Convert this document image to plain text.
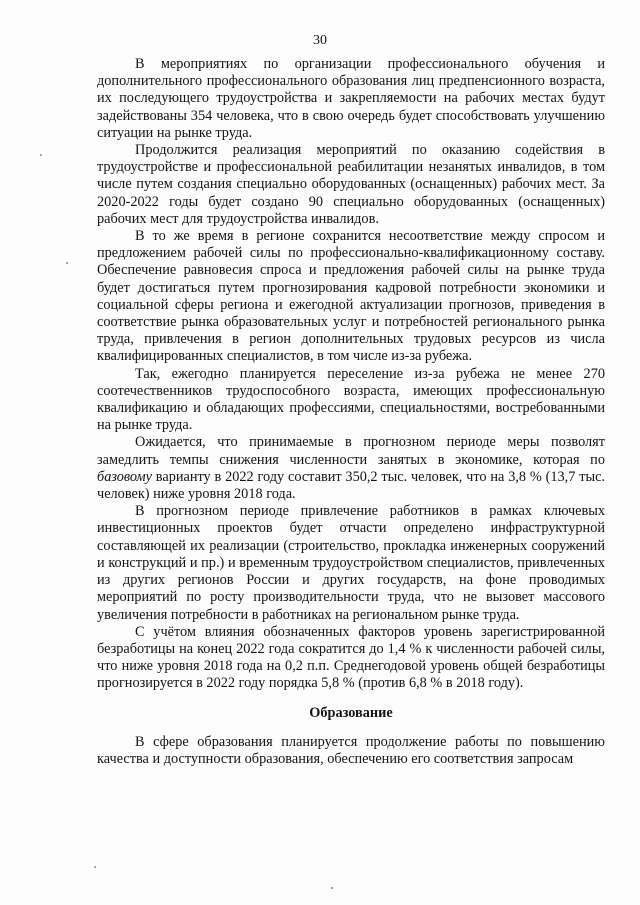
30

В мероприятиях по организации профессионального обучения и дополнительного профессионального образования лиц предпенсионного возраста, их последующего трудоустройства и закрепляемости на рабочих местах будут задействованы 354 человека, что в свою очередь будет способствовать улучшению ситуации на рынке труда.

Продолжится реализация мероприятий по оказанию содействия в трудоустройстве и профессиональной реабилитации незанятых инвалидов, в том числе путем создания специально оборудованных (оснащенных) рабочих мест. За 2020-2022 годы будет создано 90 специально оборудованных (оснащенных) рабочих мест для трудоустройства инвалидов.

В то же время в регионе сохранится несоответствие между спросом и предложением рабочей силы по профессионально-квалификационному составу. Обеспечение равновесия спроса и предложения рабочей силы на рынке труда будет достигаться путем прогнозирования кадровой потребности экономики и социальной сферы региона и ежегодной актуализации прогнозов, приведения в соответствие рынка образовательных услуг и потребностей регионального рынка труда, привлечения в регион дополнительных трудовых ресурсов из числа квалифицированных специалистов, в том числе из-за рубежа.

Так, ежегодно планируется переселение из-за рубежа не менее 270 соотечественников трудоспособного возраста, имеющих профессиональную квалификацию и обладающих профессиями, специальностями, востребованными на рынке труда.

Ожидается, что принимаемые в прогнозном периоде меры позволят замедлить темпы снижения численности занятых в экономике, которая по базовому варианту в 2022 году составит 350,2 тыс. человек, что на 3,8 % (13,7 тыс. человек) ниже уровня 2018 года.

В прогнозном периоде привлечение работников в рамках ключевых инвестиционных проектов будет отчасти определено инфраструктурной составляющей их реализации (строительство, прокладка инженерных сооружений и конструкций и пр.) и временным трудоустройством специалистов, привлеченных из других регионов России и других государств, на фоне проводимых мероприятий по росту производительности труда, что не вызовет массового увеличения потребности в работниках на региональном рынке труда.

С учётом влияния обозначенных факторов уровень зарегистрированной безработицы на конец 2022 года сократится до 1,4 % к численности рабочей силы, что ниже уровня 2018 года на 0,2 п.п. Среднегодовой уровень общей безработицы прогнозируется в 2022 году порядка 5,8 % (против 6,8 % в 2018 году).

Образование

В сфере образования планируется продолжение работы по повышению качества и доступности образования, обеспечению его соответствия запросам
